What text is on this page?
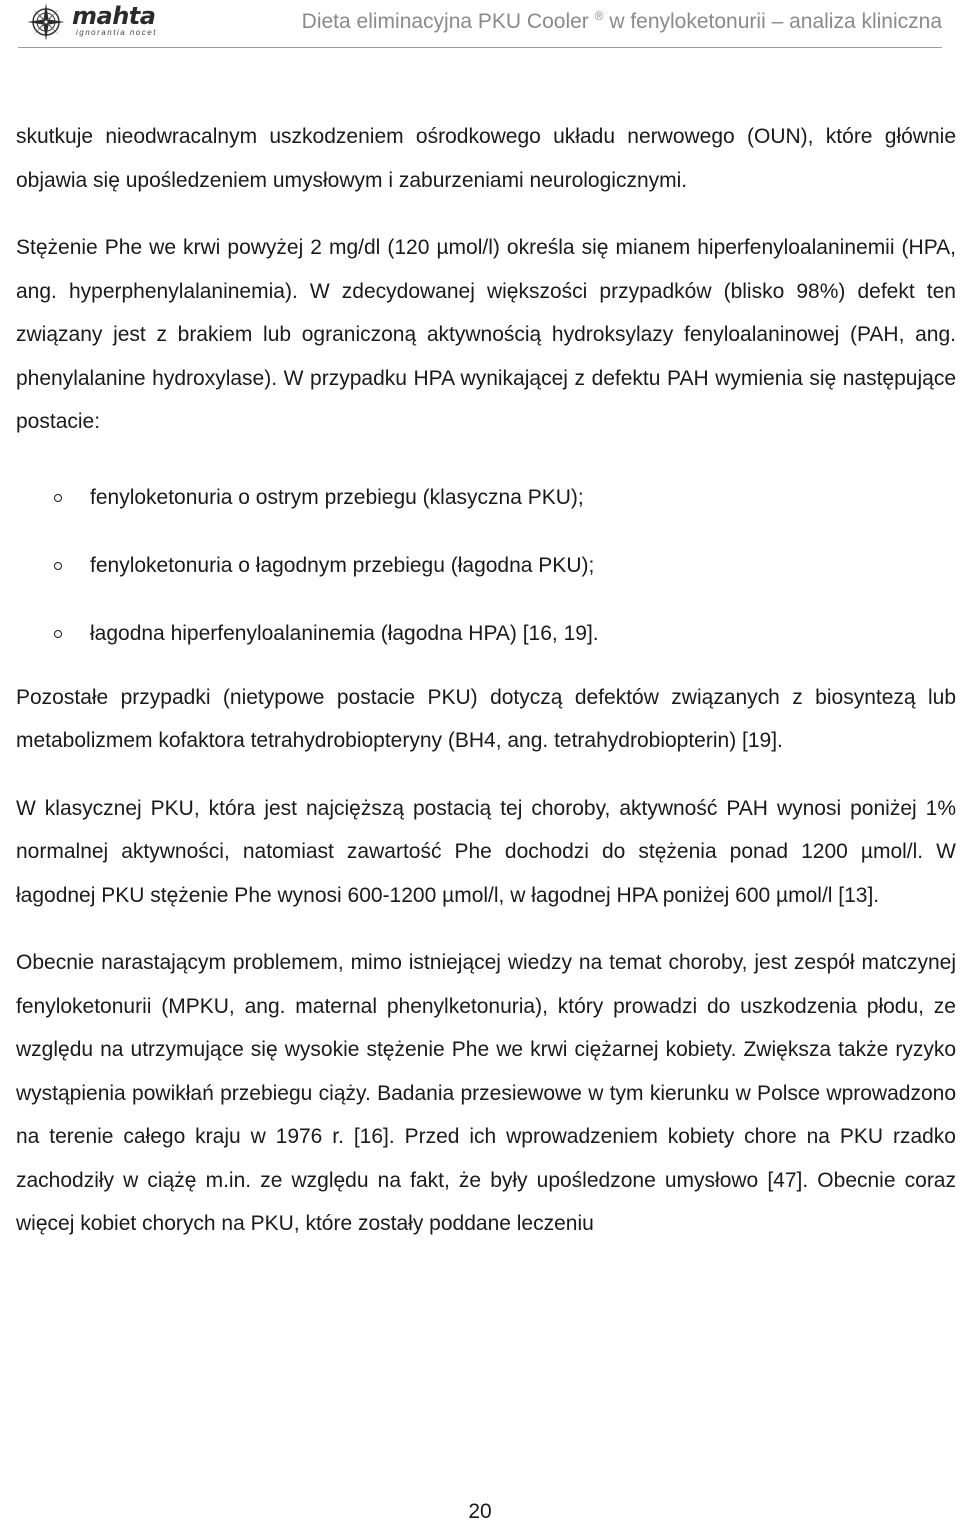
mahta
ignorantia nocet	Dieta eliminacyjna PKU Cooler ® w fenyloketonurii – analiza kliniczna

skutkuje nieodwracalnym uszkodzeniem ośrodkowego układu nerwowego (OUN), które głównie objawia się upośledzeniem umysłowym i zaburzeniami neurologicznymi.

Stężenie Phe we krwi powyżej 2 mg/dl (120 µmol/l) określa się mianem hiperfenyloalaninemii (HPA, ang. hyperphenylalaninemia). W zdecydowanej większości przypadków (blisko 98%) defekt ten związany jest z brakiem lub ograniczoną aktywnością hydroksylazy fenyloalaninowej (PAH, ang. phenylalanine hydroxylase). W przypadku HPA wynikającej z defektu PAH wymienia się następujące postacie:

fenyloketonuria o ostrym przebiegu (klasyczna PKU);
fenyloketonuria o łagodnym przebiegu (łagodna PKU);
łagodna hiperfenyloalaninemia (łagodna HPA) [16, 19].

Pozostałe przypadki (nietypowe postacie PKU) dotyczą defektów związanych z biosyntezą lub metabolizmem kofaktora tetrahydrobiopteryny (BH4, ang. tetrahydrobiopterin) [19].

W klasycznej PKU, która jest najcięższą postacią tej choroby, aktywność PAH wynosi poniżej 1% normalnej aktywności, natomiast zawartość Phe dochodzi do stężenia ponad 1200 µmol/l. W łagodnej PKU stężenie Phe wynosi 600-1200 µmol/l, w łagodnej HPA poniżej 600 µmol/l [13].

Obecnie narastającym problemem, mimo istniejącej wiedzy na temat choroby, jest zespół matczynej fenyloketonurii (MPKU, ang. maternal phenylketonuria), który prowadzi do uszkodzenia płodu, ze względu na utrzymujące się wysokie stężenie Phe we krwi ciężarnej kobiety. Zwiększa także ryzyko wystąpienia powikłań przebiegu ciąży. Badania przesiewowe w tym kierunku w Polsce wprowadzono na terenie całego kraju w 1976 r. [16]. Przed ich wprowadzeniem kobiety chore na PKU rzadko zachodziły w ciążę m.in. ze względu na fakt, że były upośledzone umysłowo [47]. Obecnie coraz więcej kobiet chorych na PKU, które zostały poddane leczeniu

20
